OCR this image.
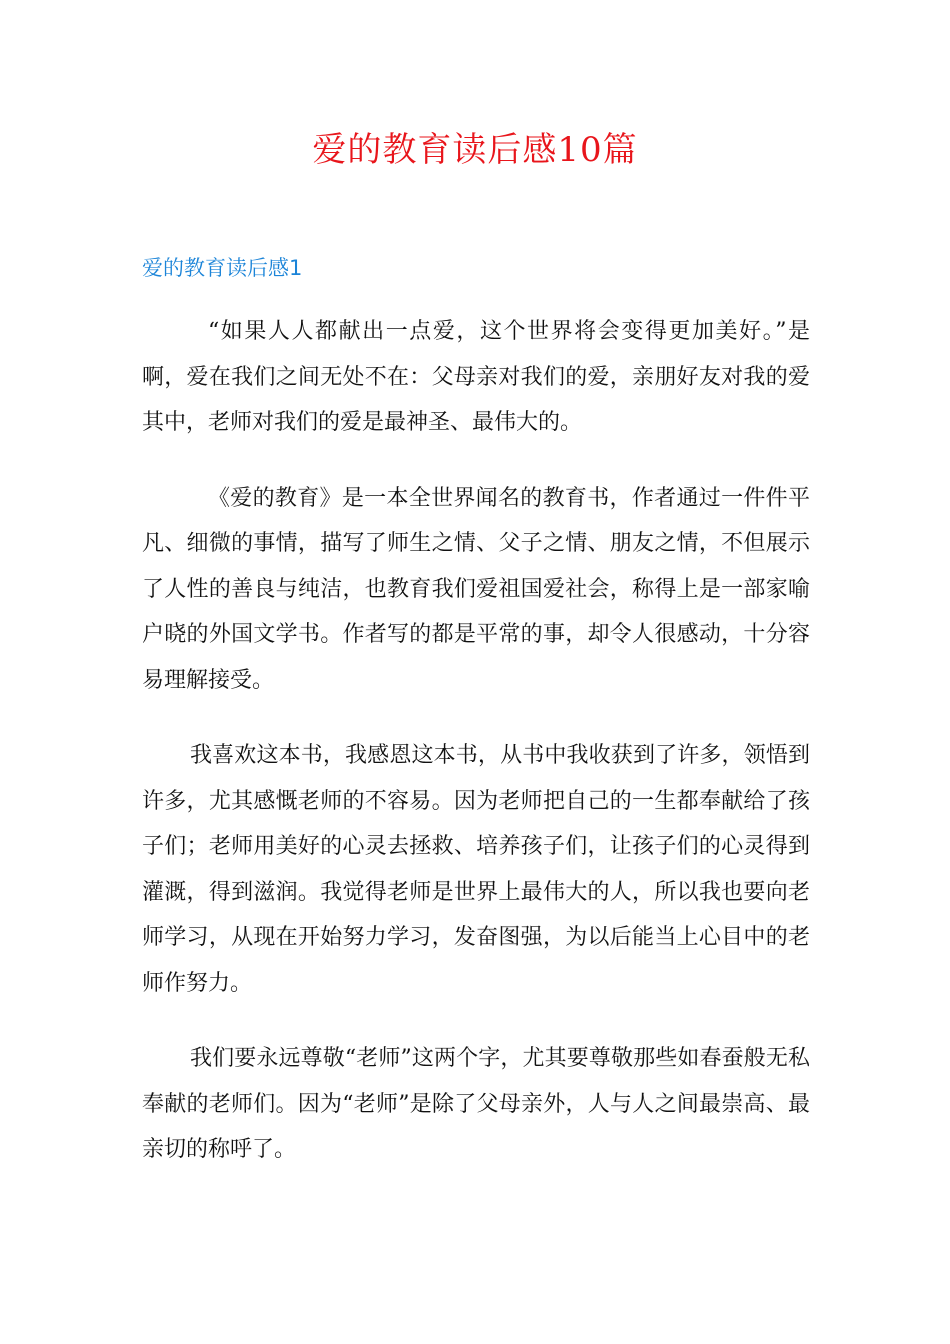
爱的教育读后感10篇
爱的教育读后感1

“如果人人都献出一点爱，这个世界将会变得更加美好。”是啊，爱在我们之间无处不在：父母亲对我们的爱，亲朋好友对我的爱其中，老师对我们的爱是最神圣、最伟大的。

《爱的教育》是一本全世界闻名的教育书，作者通过一件件平凡、细微的事情，描写了师生之情、父子之情、朋友之情，不但展示了人性的善良与纯洁，也教育我们爱祖国爱社会，称得上是一部家喻户晓的外国文学书。作者写的都是平常的事，却令人很感动，十分容易理解接受。

我喜欢这本书，我感恩这本书，从书中我收获到了许多，领悟到许多，尤其感慨老师的不容易。因为老师把自己的一生都奉献给了孩子们；老师用美好的心灵去拯救、培养孩子们，让孩子们的心灵得到灌溉，得到滋润。我觉得老师是世界上最伟大的人，所以我也要向老师学习，从现在开始努力学习，发奋图强，为以后能当上心目中的老师作努力。

我们要永远尊敬“老师”这两个字，尤其要尊敬那些如春蚕般无私奉献的老师们。因为“老师”是除了父母亲外，人与人之间最崇高、最亲切的称呼了。
